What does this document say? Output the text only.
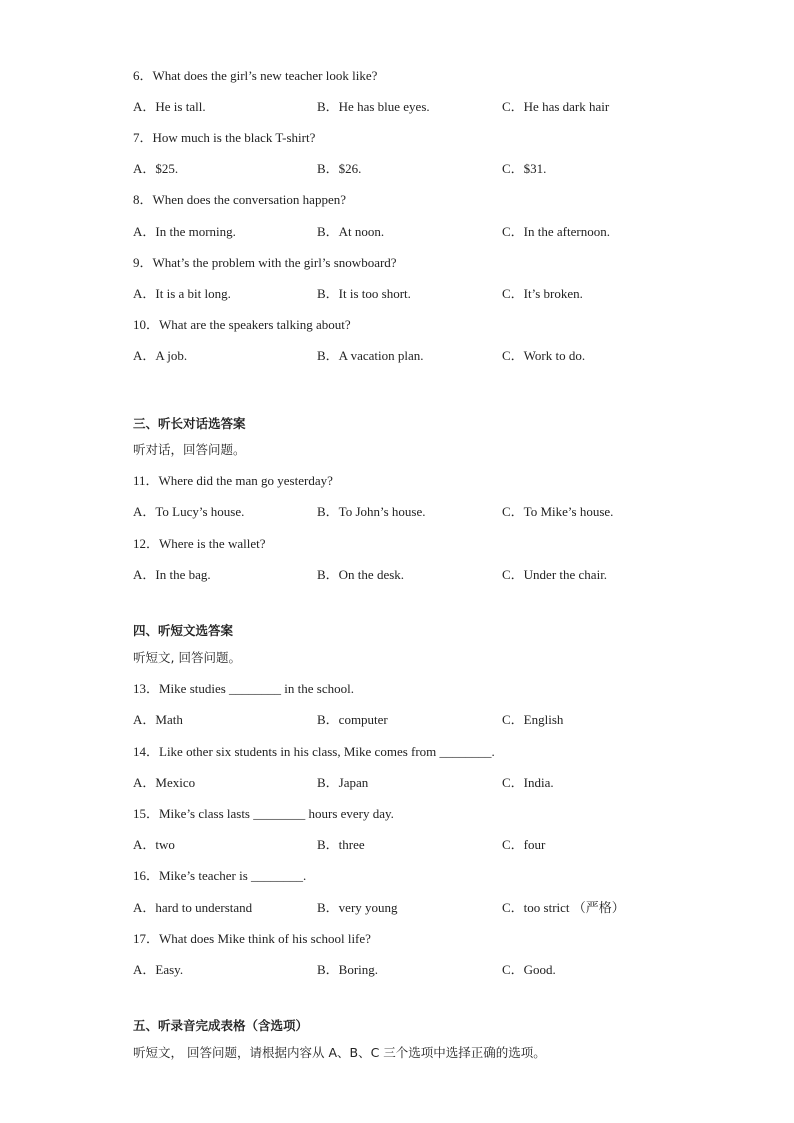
6．What does the girl’s new teacher look like?
A．He is tall.	B．He has blue eyes.	C．He has dark hair
7．How much is the black T-shirt?
A．$25.	B．$26.	C．$31.
8．When does the conversation happen?
A．In the morning.	B．At noon.	C．In the afternoon.
9．What’s the problem with the girl’s snowboard?
A．It is a bit long.	B．It is too short.	C．It’s broken.
10．What are the speakers talking about?
A．A job.	B．A vacation plan.	C．Work to do.
三、听长对话选答案
听对话，回答问题。
11．Where did the man go yesterday?
A．To Lucy’s house.	B．To John’s house.	C．To Mike’s house.
12．Where is the wallet?
A．In the bag.	B．On the desk.	C．Under the chair.
四、听短文选答案
听短文, 回答问题。
13．Mike studies ________ in the school.
A．Math	B．computer	C．English
14．Like other six students in his class, Mike comes from ________.
A．Mexico	B．Japan	C．India.
15．Mike’s class lasts ________ hours every day.
A．two	B．three	C．four
16．Mike’s teacher is ________.
A．hard to understand	B．very young	C．too strict （严格）
17．What does Mike think of his school life?
A．Easy.	B．Boring.	C．Good.
五、听录音完成表格（含选项）
听短文， 回答问题，请根据内容从 A、B、C 三个选项中选择正确的选项。
